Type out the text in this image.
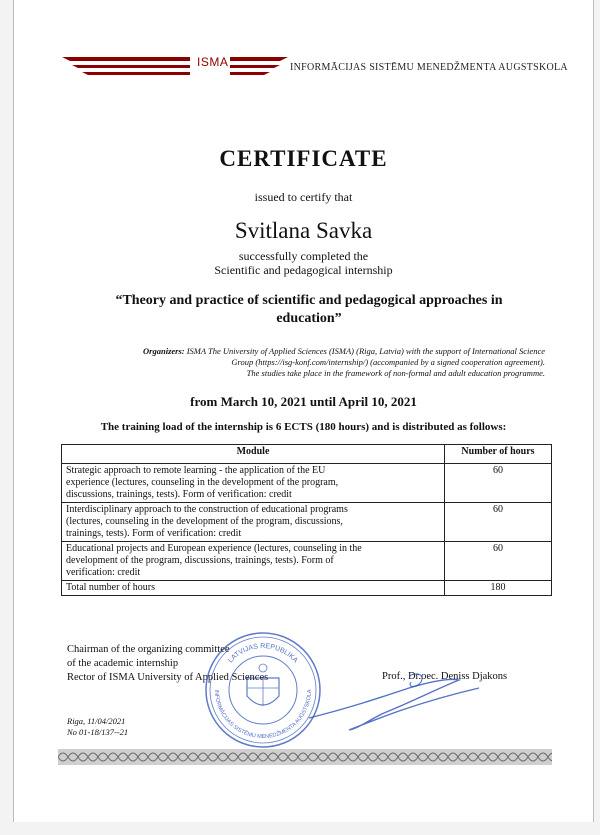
ISMA	INFORMĀCIJAS SISTĒMU MENEDŽMENTA AUGSTSKOLA
CERTIFICATE
issued to certify that
Svitlana Savka
successfully completed the
Scientific and pedagogical internship
“Theory and practice of scientific and pedagogical approaches in
education”
Organizers: ISMA The University of Applied Sciences (ISMA) (Riga, Latvia) with the support of International Science
Group (https://isg-konf.com/internship/) (accompanied by a signed cooperation agreement).
The studies take place in the framework of non-formal and adult education programme.
from March 10, 2021 until April 10, 2021
The training load of the internship is 6 ECTS (180 hours) and is distributed as follows:
Module	Number of hours

Strategic approach to remote learning - the application of the EU
experience (lectures, counseling in the development of the program,
discussions, trainings, tests). Form of verification: credit	60

Interdisciplinary approach to the construction of educational programs
(lectures, counseling in the development of the program, discussions,
trainings, tests). Form of verification: credit	60

Educational projects and European experience (lectures, counseling in the
development of the program, discussions, trainings, tests). Form of
verification: credit	60
Total number of hours	180
Chairman of the organizing committee
of the academic internship
Rector of ISMA University of Applied Sciences	Prof., Dr.oec. Deniss Djakons
Riga, 11/04/2021
No 01-18/137--21
LATVIJAS REPUBLIKA
INFORMĀCIJAS SISTĒMU MENEDŽMENTA AUGSTSKOLA
